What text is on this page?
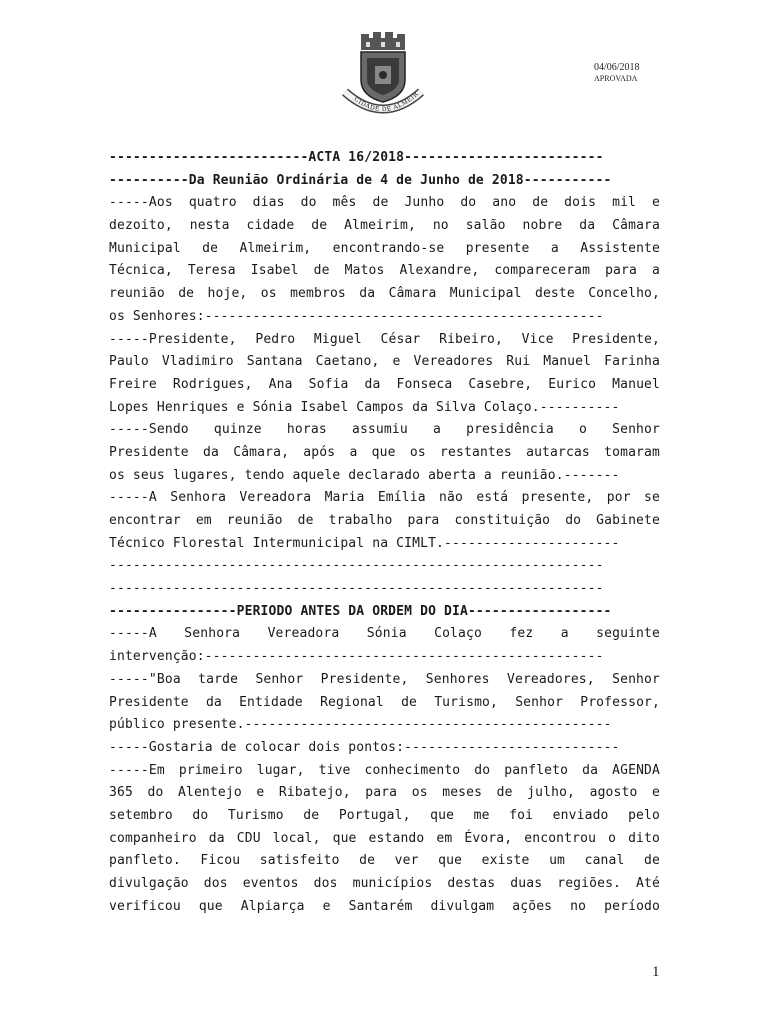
CIDADE DE ALMEIR
04/06/2018
APROVADA
-------------------------ACTA 16/2018-------------------------
----------Da Reunião Ordinária de 4 de Junho de 2018-----------
-----Aos quatro dias do mês de Junho do ano de dois mil e
dezoito, nesta cidade de Almeirim, no salão nobre da Câmara
Municipal de Almeirim, encontrando-se presente a Assistente
Técnica, Teresa Isabel de Matos Alexandre, compareceram para a
reunião de hoje, os membros da Câmara Municipal deste Concelho,
os Senhores:--------------------------------------------------
-----Presidente, Pedro Miguel César Ribeiro, Vice Presidente,
Paulo Vladimiro Santana Caetano, e Vereadores Rui Manuel Farinha
Freire Rodrigues, Ana Sofia da Fonseca Casebre, Eurico Manuel
Lopes Henriques e Sónia Isabel Campos da Silva Colaço.----------
-----Sendo quinze horas assumiu a presidência o Senhor
Presidente da Câmara, após a que os restantes autarcas tomaram
os seus lugares, tendo aquele declarado aberta a reunião.-------
-----A Senhora Vereadora Maria Emília não está presente, por se
encontrar em reunião de trabalho para constituição do Gabinete
Técnico Florestal Intermunicipal na CIMLT.----------------------
--------------------------------------------------------------
--------------------------------------------------------------
----------------PERIODO ANTES DA ORDEM DO DIA------------------
-----A Senhora Vereadora Sónia Colaço fez a seguinte
intervenção:--------------------------------------------------
-----"Boa tarde Senhor Presidente, Senhores Vereadores, Senhor
Presidente da Entidade Regional de Turismo, Senhor Professor,
público presente.----------------------------------------------
-----Gostaria de colocar dois pontos:---------------------------
-----Em primeiro lugar, tive conhecimento do panfleto da AGENDA
365 do Alentejo e Ribatejo, para os meses de julho, agosto e
setembro do Turismo de Portugal, que me foi enviado pelo
companheiro da CDU local, que estando em Évora, encontrou o dito
panfleto. Ficou satisfeito de ver que existe um canal de
divulgação dos eventos dos municípios destas duas regiões. Até
verificou que Alpiarça e Santarém divulgam ações no período
1
